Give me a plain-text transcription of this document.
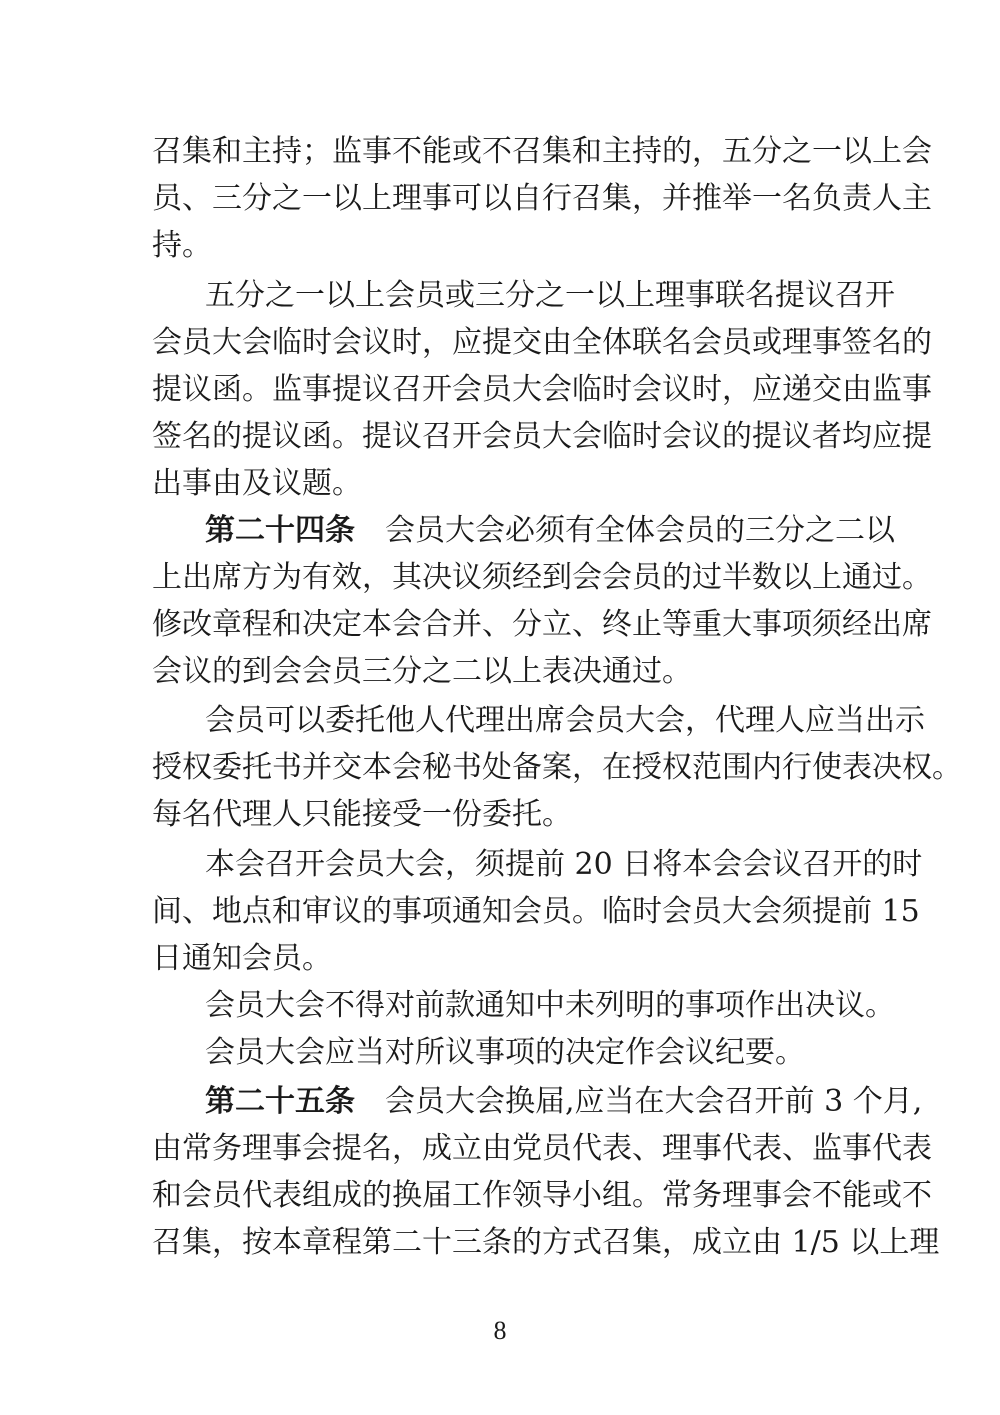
召集和主持；监事不能或不召集和主持的，五分之一以上会
员、三分之一以上理事可以自行召集，并推举一名负责人主
持。
五分之一以上会员或三分之一以上理事联名提议召开
会员大会临时会议时，应提交由全体联名会员或理事签名的
提议函。监事提议召开会员大会临时会议时，应递交由监事
签名的提议函。提议召开会员大会临时会议的提议者均应提
出事由及议题。
第二十四条 会员大会必须有全体会员的三分之二以
上出席方为有效，其决议须经到会会员的过半数以上通过。
修改章程和决定本会合并、分立、终止等重大事项须经出席
会议的到会会员三分之二以上表决通过。
会员可以委托他人代理出席会员大会，代理人应当出示
授权委托书并交本会秘书处备案，在授权范围内行使表决权。
每名代理人只能接受一份委托。
本会召开会员大会，须提前 20 日将本会会议召开的时
间、地点和审议的事项通知会员。临时会员大会须提前 15
日通知会员。
会员大会不得对前款通知中未列明的事项作出决议。
会员大会应当对所议事项的决定作会议纪要。
第二十五条 会员大会换届,应当在大会召开前 3 个月,
由常务理事会提名，成立由党员代表、理事代表、监事代表
和会员代表组成的换届工作领导小组。常务理事会不能或不
召集，按本章程第二十三条的方式召集，成立由 1/5 以上理
8
